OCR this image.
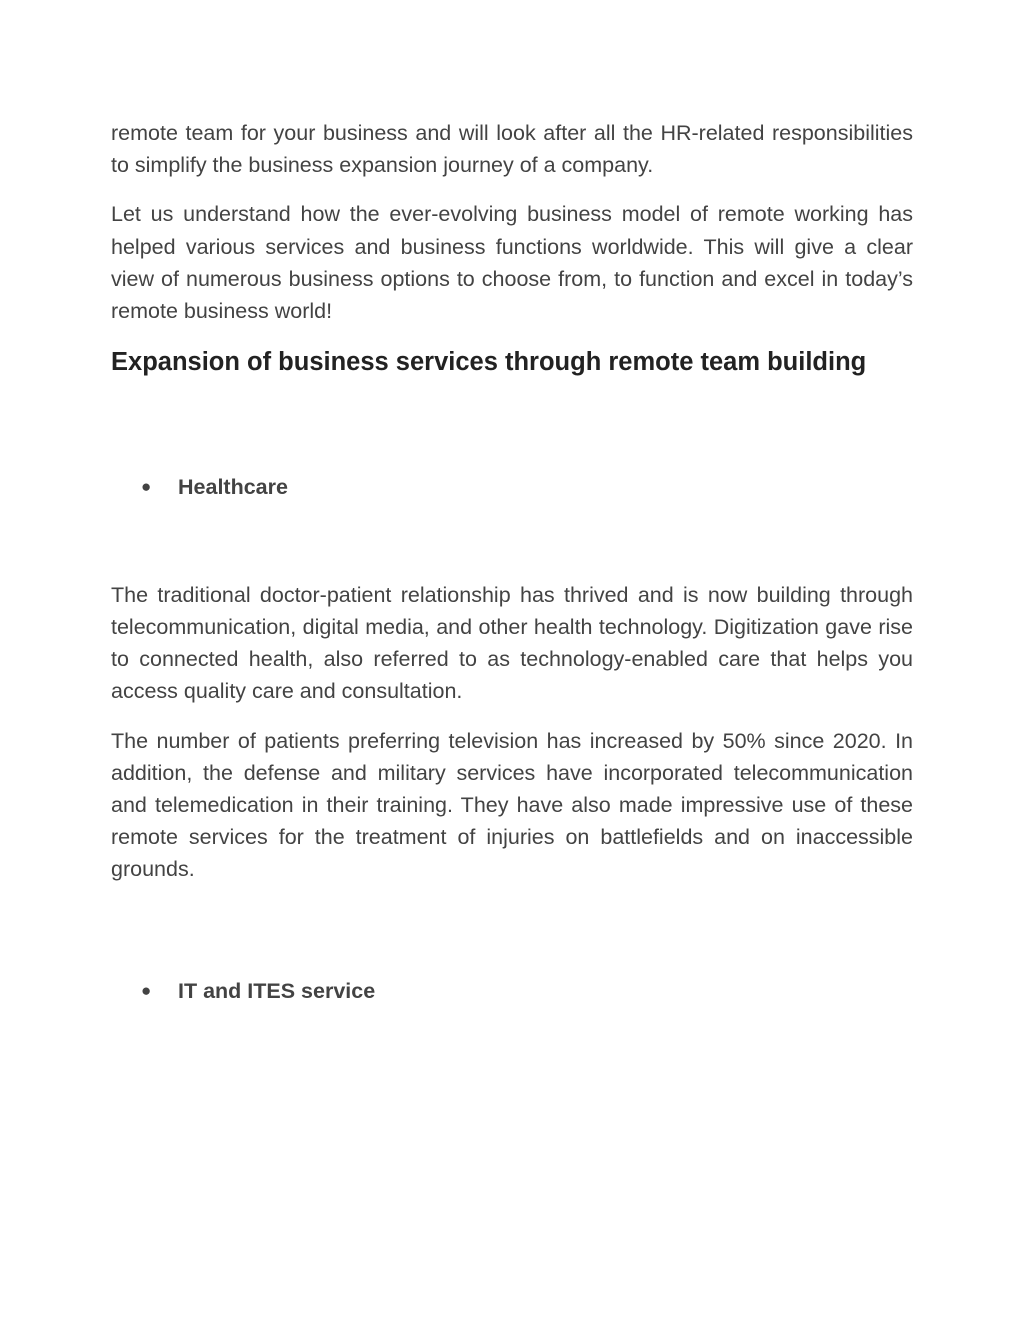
remote team for your business and will look after all the HR-related responsibilities to simplify the business expansion journey of a company.

Let us understand how the ever-evolving business model of remote working has helped various services and business functions worldwide. This will give a clear view of numerous business options to choose from, to function and excel in today’s remote business world!

Expansion of business services through remote team building
● Healthcare

The traditional doctor-patient relationship has thrived and is now building through telecommunication, digital media, and other health technology. Digitization gave rise to connected health, also referred to as technology-enabled care that helps you access quality care and consultation.

The number of patients preferring television has increased by 50% since 2020. In addition, the defense and military services have incorporated telecommunication and telemedication in their training. They have also made impressive use of these remote services for the treatment of injuries on battlefields and on inaccessible grounds.

● IT and ITES service
